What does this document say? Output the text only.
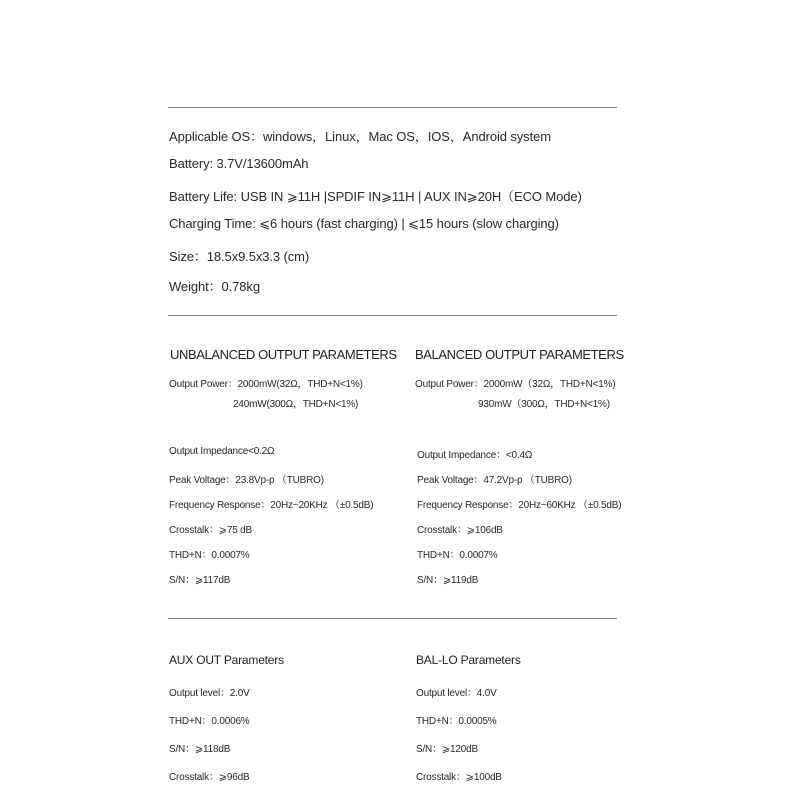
Applicable OS：windows，Linux，Mac OS，IOS，Android system
Battery: 3.7V/13600mAh
Battery Life: USB IN ⩾11H |SPDIF IN⩾11H | AUX IN⩾20H（ECO Mode)
Charging Time: ⩽6 hours (fast charging) | ⩽15 hours (slow charging)
Size：18.5x9.5x3.3 (cm)
Weight：0.78kg
UNBALANCED OUTPUT PARAMETERS
Output Power：2000mW(32Ω，THD+N<1%)
240mW(300Ω，THD+N<1%)
Output Impedance<0.2Ω
Peak Voltage：23.8Vp-p （TUBRO)
Frequency Response：20Hz~20KHz （±0.5dB)
Crosstalk：⩾75 dB
THD+N：0.0007%
S/N：⩾117dB
BALANCED OUTPUT PARAMETERS
Output Power：2000mW（32Ω，THD+N<1%)
930mW（300Ω，THD+N<1%)
Output Impedance：<0.4Ω
Peak Voltage：47.2Vp-p （TUBRO)
Frequency Response：20Hz~60KHz （±0.5dB)
Crosstalk：⩾106dB
THD+N：0.0007%
S/N：⩾119dB
AUX OUT Parameters
Output level：2.0V
THD+N：0.0006%
S/N：⩾118dB
Crosstalk：⩾96dB
BAL-LO Parameters
Output level：4.0V
THD+N：0.0005%
S/N：⩾120dB
Crosstalk：⩾100dB
